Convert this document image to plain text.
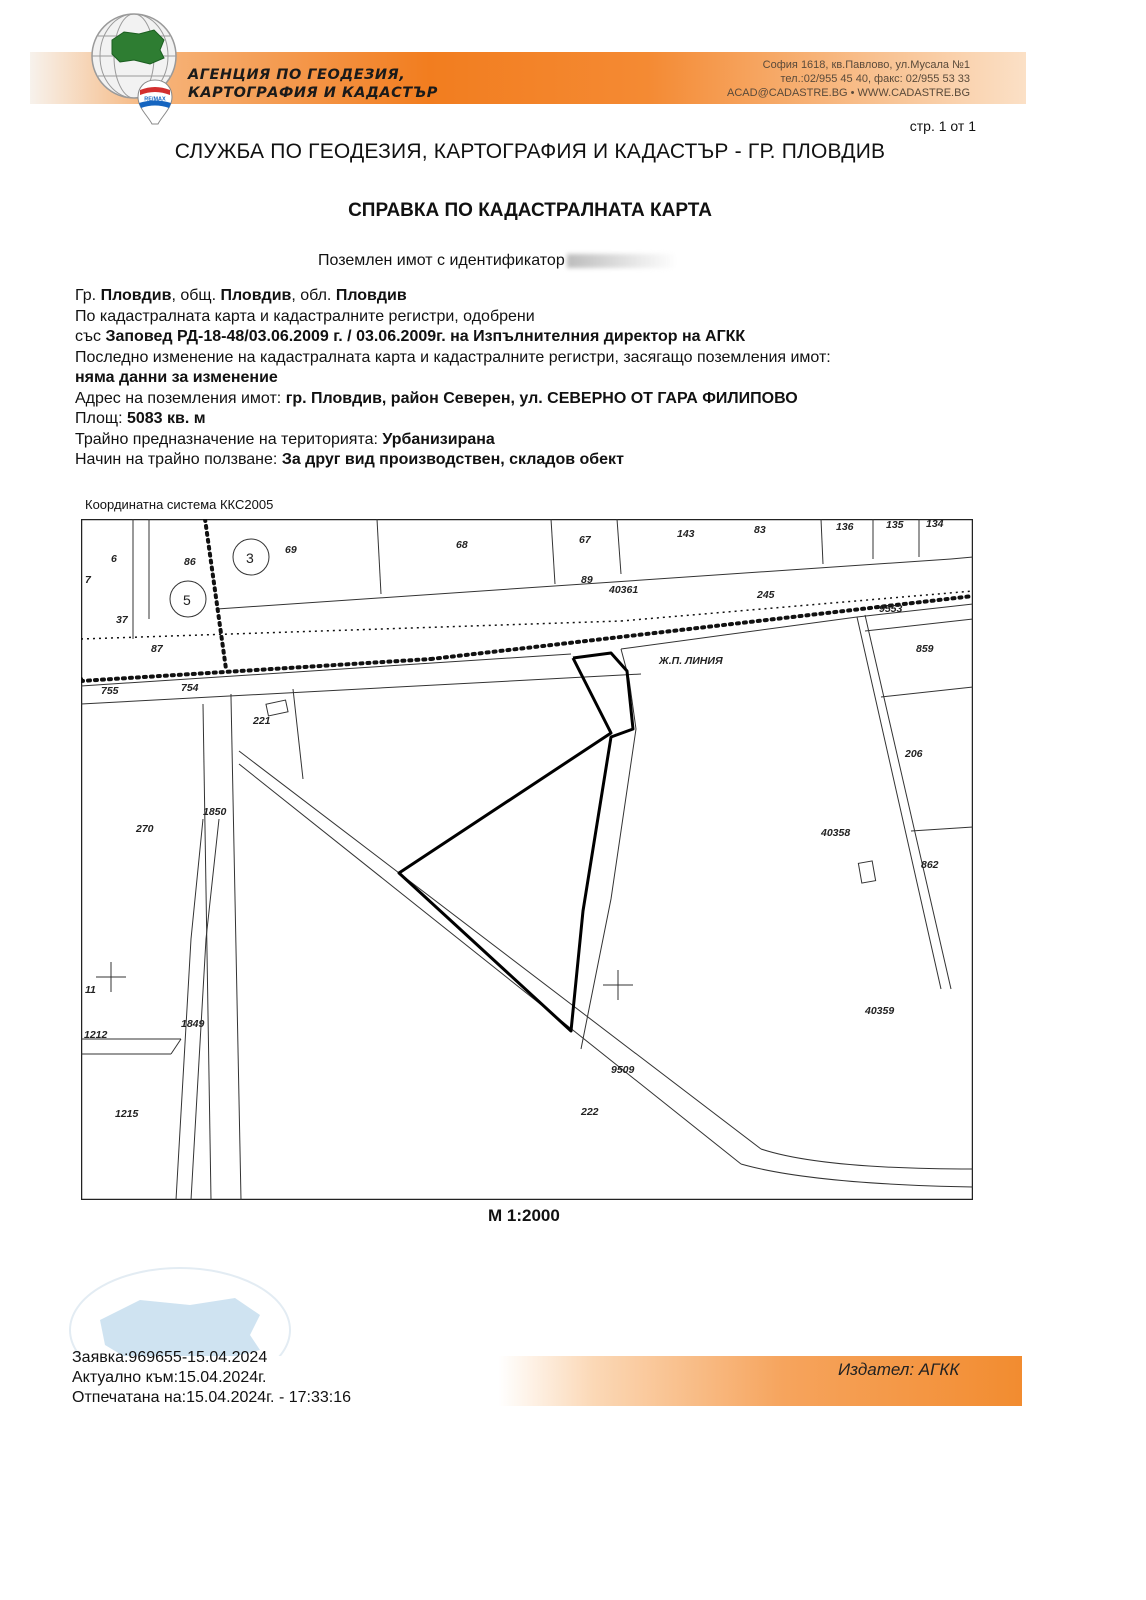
RE/MAX
АГЕНЦИЯ ПО ГЕОДЕЗИЯ,
КАРТОГРАФИЯ И КАДАСТЪР
София 1618, кв.Павлово, ул.Мусала №1
тел.:02/955 45 40, факс: 02/955 53 33
ACAD@CADASTRE.BG • WWW.CADASTRE.BG
стр. 1 от 1
СЛУЖБА ПО ГЕОДЕЗИЯ, КАРТОГРАФИЯ И КАДАСТЪР - ГР. ПЛОВДИВ
СПРАВКА ПО КАДАСТРАЛНАТА КАРТА
Поземлен имот с идентификатор
Гр. Пловдив, общ. Пловдив, обл. Пловдив
По кадастралната карта и кадастралните регистри, одобрени
със Заповед РД-18-48/03.06.2009 г. / 03.06.2009г. на Изпълнителния директор на АГКК
Последно изменение на кадастралната карта и кадастралните регистри, засягащо поземления имот:
няма данни за изменение
Адрес на поземления имот: гр. Пловдив, район Северен, ул. СЕВЕРНО ОТ ГАРА ФИЛИПОВО
Площ: 5083 кв. м
Трайно предназначение на територията: Урбанизирана
Начин на трайно ползване: За друг вид производствен, складов обект
Координатна система ККС2005
6	86
69	68	67	143	83	136	135 134
7	89
40361	245
9553
5
37
87	859
Ж.П. ЛИНИЯ
755	754
221
206
270
1850
40358
862
11
1849
1212
40359
9509
1215	222
3
М 1:2000
Издател: АГКК
Заявка:969655-15.04.2024
Актуално към:15.04.2024г.
Отпечатана на:15.04.2024г. - 17:33:16
